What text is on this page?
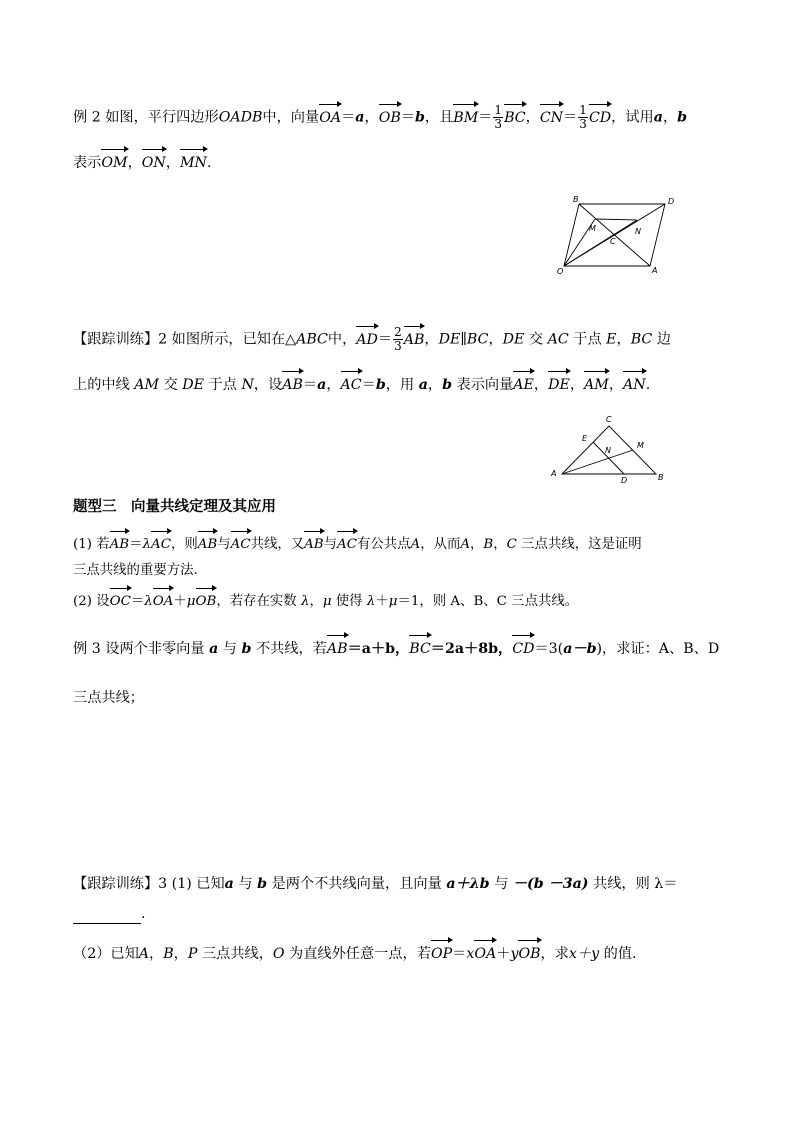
例 2 如图，平行四边形OADB中，向量OA＝a，OB＝b，且$BM= \frac{1}{3}$ BC，$CN= \frac{1}{3}$ CD，试用a，b
表示OM，ON，MN.
B	D
M	N
C
O	A
【跟踪训练】2 如图所示，已知在△ABC中，$AD= \frac{2}{3}$ AB，DE∥BC，DE 交 AC 于点 E，BC 边
上的中线 AM 交 DE 于点 N，设AB＝a，AC＝b，用 a，b 表示向量AE，DE，AM，AN.
C
E
M
N
A
D	B
题型三　向量共线定理及其应用
(1) 若AB＝λAC，则AB与AC共线，又AB与AC有公共点A，从而A，B，C 三点共线，这是证明
三点共线的重要方法.
(2) 设OC＝λOA＋μOB，若存在实数 λ，μ 使得 λ＋μ＝1，则 A、B、C 三点共线。
例 3 设两个非零向量 a 与 b 不共线，若AB＝a＋b，BC＝2a＋8b，CD＝3(a－b)，求证：A、B、D
三点共线；
【跟踪训练】3 (1) 已知a 与 b 是两个不共线向量，且向量 a＋λb 与 －(b －3a) 共线，则 λ＝
.
（2）已知A，B，P 三点共线，O 为直线外任意一点，若OP＝xOA＋yOB，求x＋y 的值.
